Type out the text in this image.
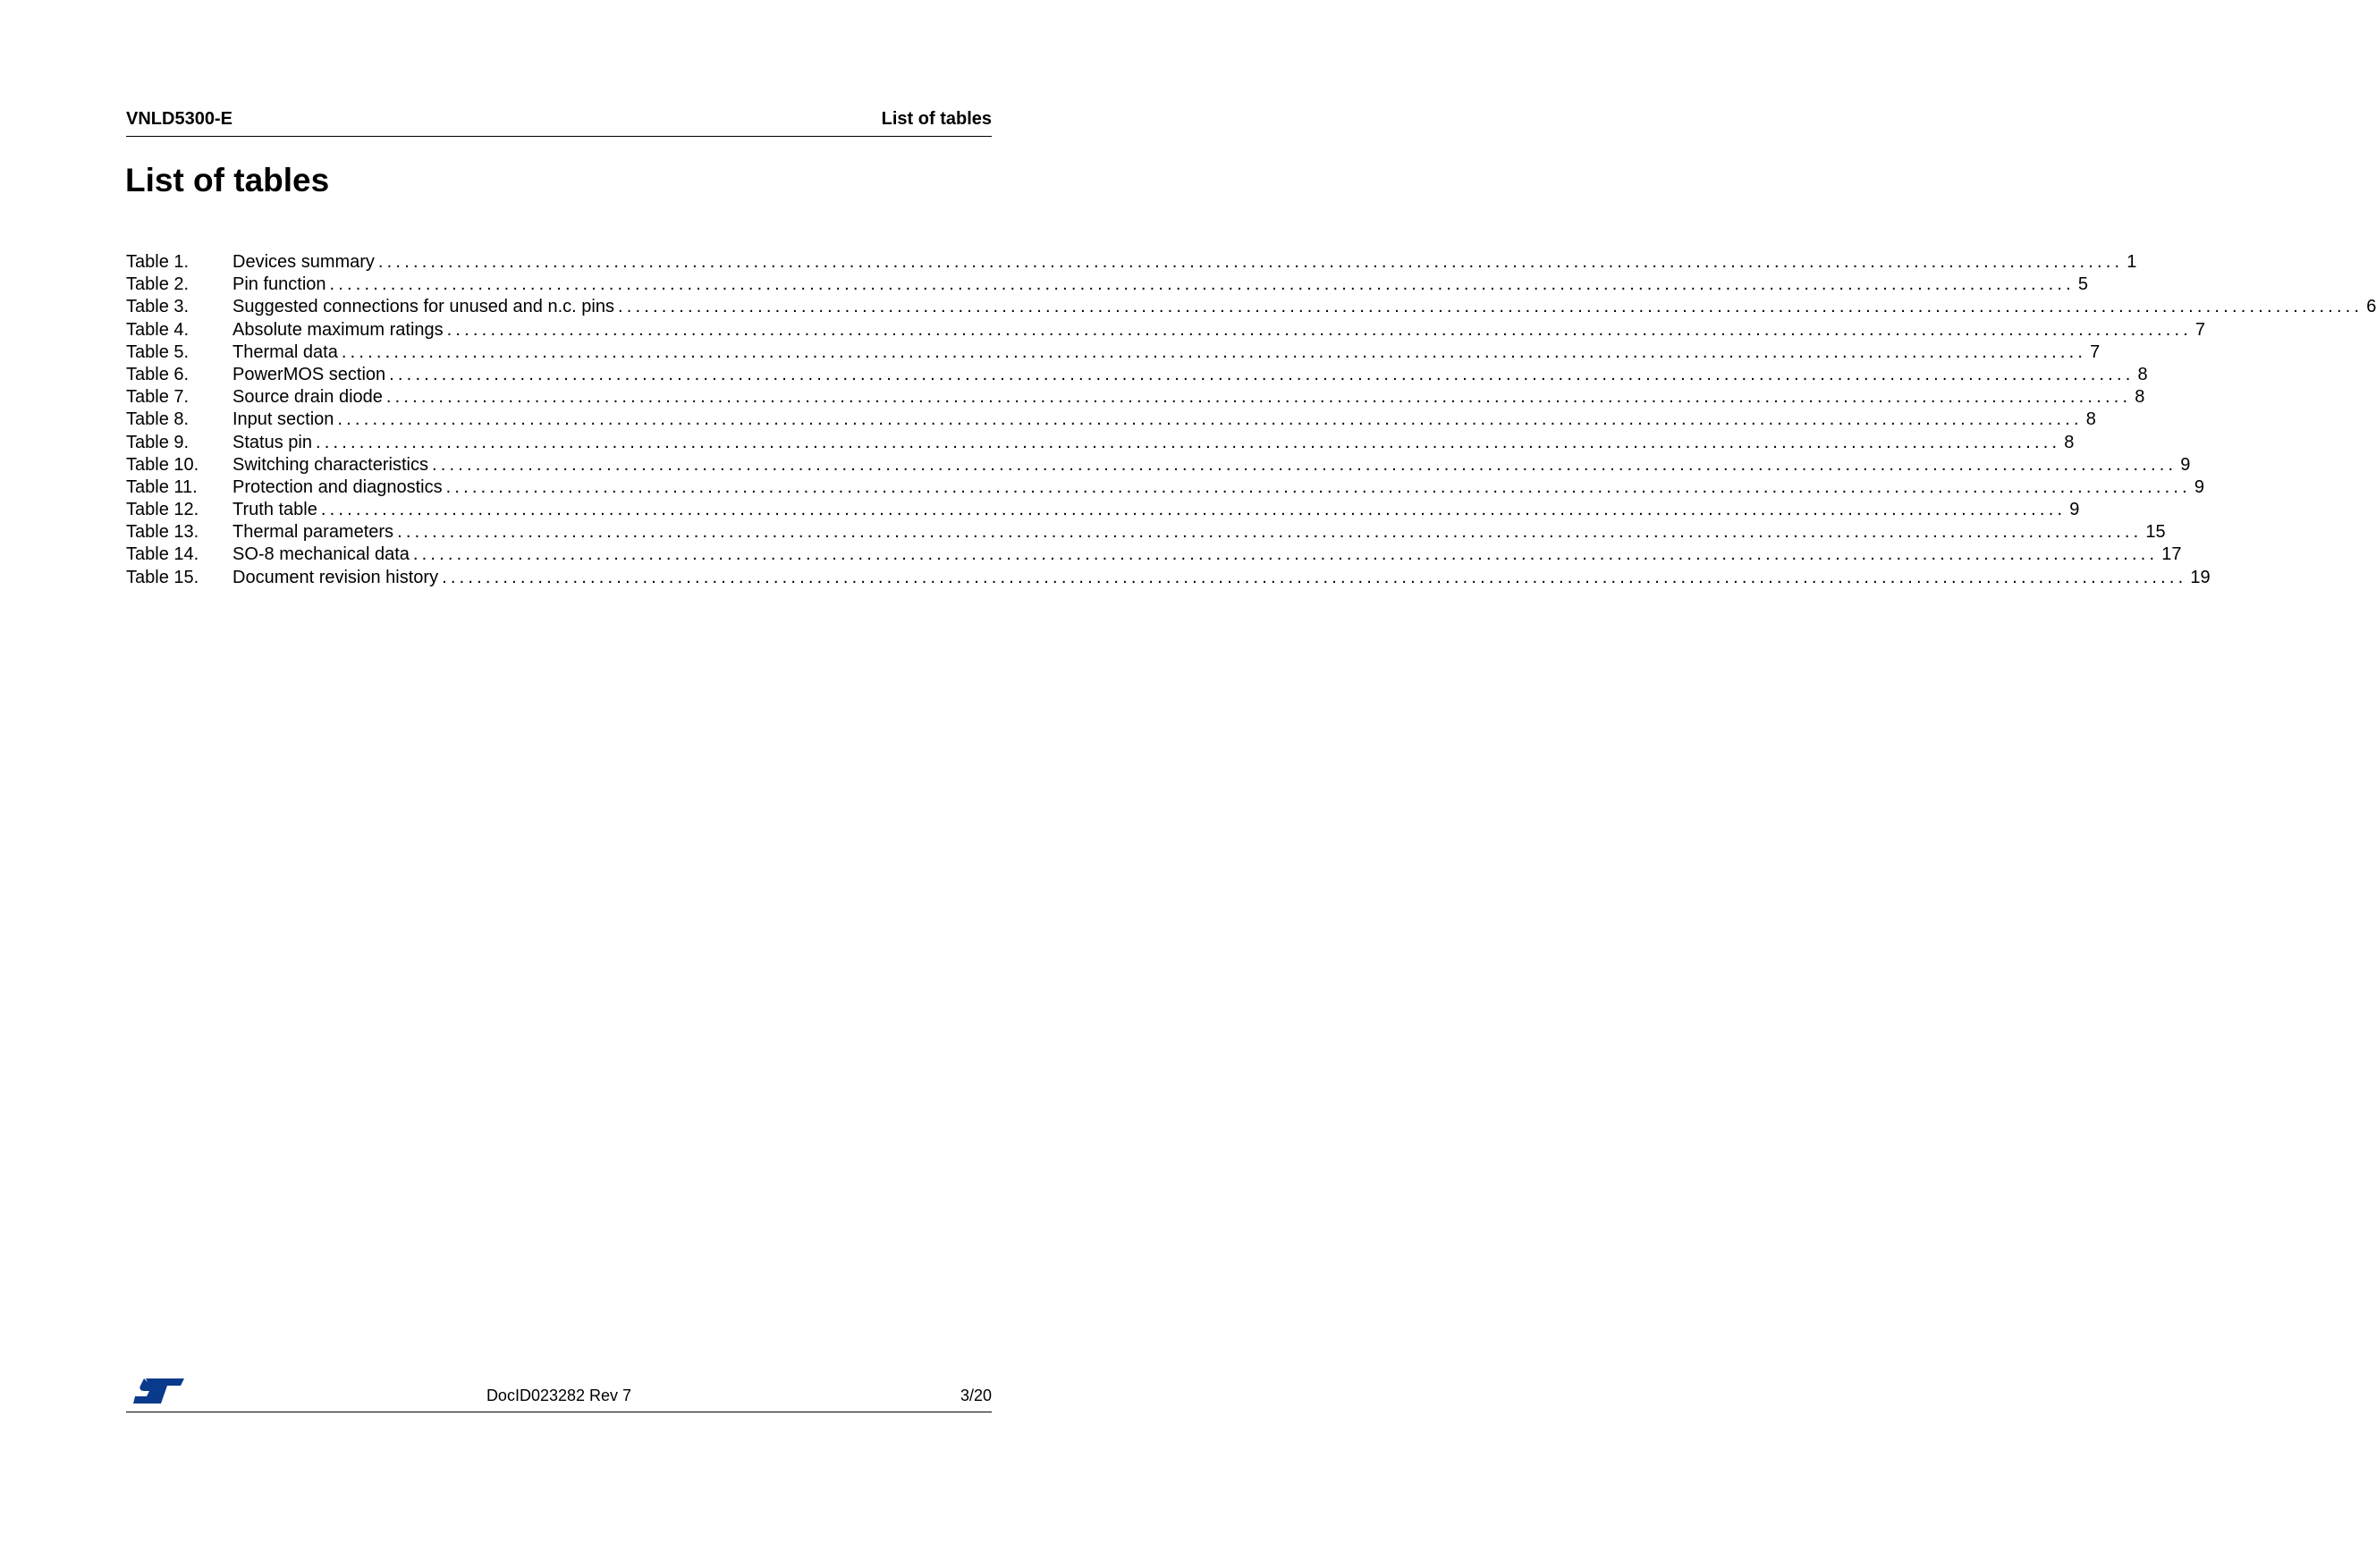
VNLD5300-E	List of tables
List of tables
Table 1.	Devices summary ........................................................................................................................................................................................................ 1
Table 2.	Pin function ........................................................................................................................................................................................................ 5
Table 3.	Suggested connections for unused and n.c. pins ........................................................................................................................................................................................................ 6
Table 4.	Absolute maximum ratings ........................................................................................................................................................................................................ 7
Table 5.	Thermal data ........................................................................................................................................................................................................ 7
Table 6.	PowerMOS section ........................................................................................................................................................................................................ 8
Table 7.	Source drain diode ........................................................................................................................................................................................................ 8
Table 8.	Input section ........................................................................................................................................................................................................ 8
Table 9.	Status pin ........................................................................................................................................................................................................ 8
Table 10.	Switching characteristics ........................................................................................................................................................................................................ 9
Table 11.	Protection and diagnostics ........................................................................................................................................................................................................ 9
Table 12.	Truth table ........................................................................................................................................................................................................ 9
Table 13.	Thermal parameters ........................................................................................................................................................................................................ 15
Table 14.	SO-8 mechanical data ........................................................................................................................................................................................................ 17
Table 15.	Document revision history ........................................................................................................................................................................................................ 19
DocID023282 Rev 7	3/20
